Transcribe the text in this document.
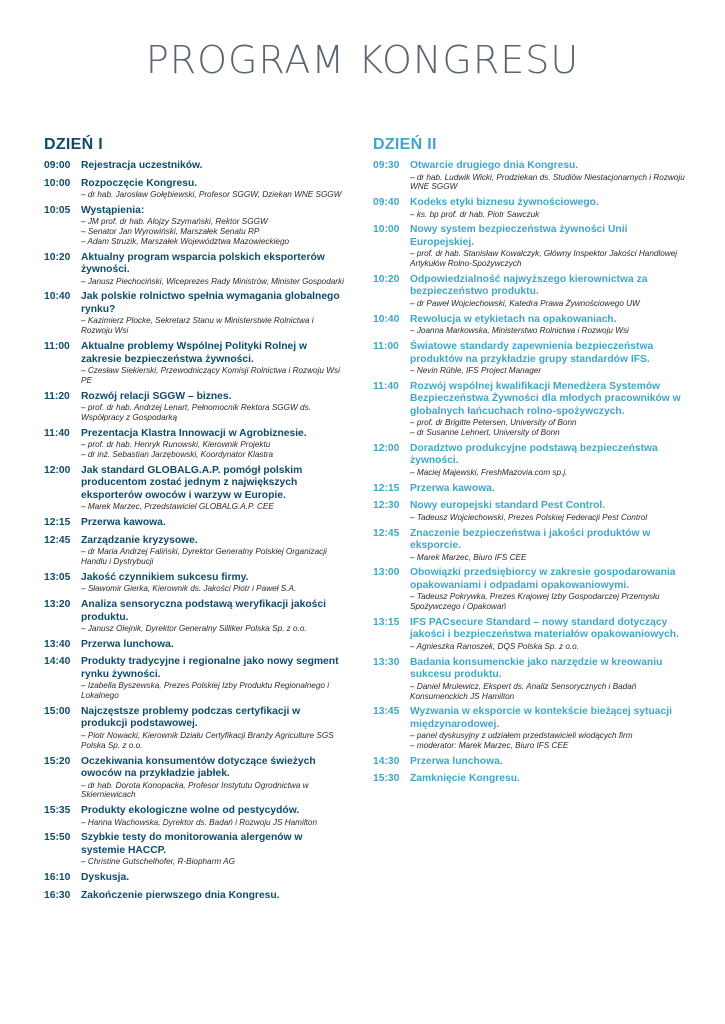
PROGRAM KONGRESU
DZIEŃ I
09:00	Rejestracja uczestników.
10:00	Rozpoczęcie Kongresu.
– dr hab. Jarosław Gołębiewski, Profesor SGGW, Dziekan WNE SGGW
10:05	Wystąpienia:
– JM prof. dr hab. Alojzy Szymański, Rektor SGGW
– Senator Jan Wyrowiński, Marszałek Senatu RP
– Adam Struzik, Marszałek Województwa Mazowieckiego
10:20	Aktualny program wsparcia polskich eksporterów żywności.
– Janusz Piechociński, Wiceprezes Rady Ministrów, Minister Gospodarki
10:40	Jak polskie rolnictwo spełnia wymagania globalnego rynku?
– Kazimierz Plocke, Sekretarz Stanu w Ministerstwie Rolnictwa i Rozwoju Wsi
11:00	Aktualne problemy Wspólnej Polityki Rolnej w zakresie bezpieczeństwa żywności.
– Czesław Siekierski, Przewodniczący Komisji Rolnictwa i Rozwoju Wsi PE
11:20	Rozwój relacji SGGW – biznes.
– prof. dr hab. Andrzej Lenart, Pełnomocnik Rektora SGGW ds. Współpracy z Gospodarką
11:40	Prezentacja Klastra Innowacji w Agrobiznesie.
– prof. dr hab. Henryk Runowski, Kierownik Projektu
– dr inż. Sebastian Jarzębowski, Koordynator Klastra
12:00	Jak standard GLOBALG.A.P. pomógł polskim producentom zostać jednym z największych eksporterów owoców i warzyw w Europie.
– Marek Marzec, Przedstawiciel GLOBALG.A.P. CEE
12:15	Przerwa kawowa.
12:45	Zarządzanie kryzysowe.
– dr Maria Andrzej Faliński, Dyrektor Generalny Polskiej Organizacji Handlu i Dystrybucji
13:05	Jakość czynnikiem sukcesu firmy.
– Sławomir Gierka, Kierownik ds. Jakości Piotr i Paweł S.A.
13:20	Analiza sensoryczna podstawą weryfikacji jakości produktu.
– Janusz Olejnik, Dyrektor Generalny Silliker Polska Sp. z o.o.
13:40	Przerwa lunchowa.
14:40	Produkty tradycyjne i regionalne jako nowy segment rynku żywności.
– Izabella Byszewska, Prezes Polskiej Izby Produktu Regionalnego i Lokalnego
15:00	Najczęstsze problemy podczas certyfikacji w produkcji podstawowej.
– Piotr Nowacki, Kierownik Działu Certyfikacji Branży Agriculture SGS Polska Sp. z o.o.
15:20	Oczekiwania konsumentów dotyczące świeżych owoców na przykładzie jabłek.
– dr hab. Dorota Konopacka, Profesor Instytutu Ogrodnictwa w Skierniewicach
15:35	Produkty ekologiczne wolne od pestycydów.
– Hanna Wachowska, Dyrektor ds. Badań i Rozwoju JS Hamilton
15:50	Szybkie testy do monitorowania alergenów w systemie HACCP.
– Christine Gutschelhofer, R-Biopharm AG
16:10	Dyskusja.
16:30	Zakończenie pierwszego dnia Kongresu.
DZIEŃ II
09:30	Otwarcie drugiego dnia Kongresu.
– dr hab. Ludwik Wicki, Prodziekan ds. Studiów Niestacjonarnych i Rozwoju WNE SGGW
09:40	Kodeks etyki biznesu żywnościowego.
– ks. bp prof. dr hab. Piotr Sawczuk
10:00	Nowy system bezpieczeństwa żywności Unii Europejskiej.
– prof. dr hab. Stanisław Kowalczyk, Główny Inspektor Jakości Handlowej Artykułów Rolno-Spożywczych
10:20	Odpowiedzialność najwyższego kierownictwa za bezpieczeństwo produktu.
– dr Paweł Wojciechowski, Katedra Prawa Żywnościowego UW
10:40	Rewolucja w etykietach na opakowaniach.
– Joanna Markowska, Ministerstwo Rolnictwa i Rozwoju Wsi
11:00	Światowe standardy zapewnienia bezpieczeństwa produktów na przykładzie grupy standardów IFS.
– Nevin Rühle, IFS Project Manager
11:40	Rozwój wspólnej kwalifikacji Menedżera Systemów Bezpieczeństwa Żywności dla młodych pracowników w globalnych łańcuchach rolno-spożywczych.
– prof. dr Brigitte Petersen, University of Bonn
– dr Susanne Lehnert, University of Bonn
12:00	Doradztwo produkcyjne podstawą bezpieczeństwa żywności.
– Maciej Majewski, FreshMazovia.com sp.j.
12:15	Przerwa kawowa.
12:30	Nowy europejski standard Pest Control.
– Tadeusz Wojciechowski, Prezes Polskiej Federacji Pest Control
12:45	Znaczenie bezpieczeństwa i jakości produktów w eksporcie.
– Marek Marzec, Biuro IFS CEE
13:00	Obowiązki przedsiębiorcy w zakresie gospodarowania opakowaniami i odpadami opakowaniowymi.
– Tadeusz Pokrywka, Prezes Krajowej Izby Gospodarczej Przemysłu Spożywczego i Opakowań
13:15	IFS PACsecure Standard – nowy standard dotyczący jakości i bezpieczeństwa materiałów opakowaniowych.
– Agnieszka Ranoszek, DQS Polska Sp. z o.o.
13:30	Badania konsumenckie jako narzędzie w kreowaniu sukcesu produktu.
– Daniel Mrulewicz, Ekspert ds. Analiz Sensorycznych i Badań Konsumenckich JS Hamilton
13:45	Wyzwania w eksporcie w kontekście bieżącej sytuacji międzynarodowej.
– panel dyskusyjny z udziałem przedstawicieli wiodących firm
– moderator: Marek Marzec, Biuro IFS CEE
14:30	Przerwa lunchowa.
15:30	Zamknięcie Kongresu.
